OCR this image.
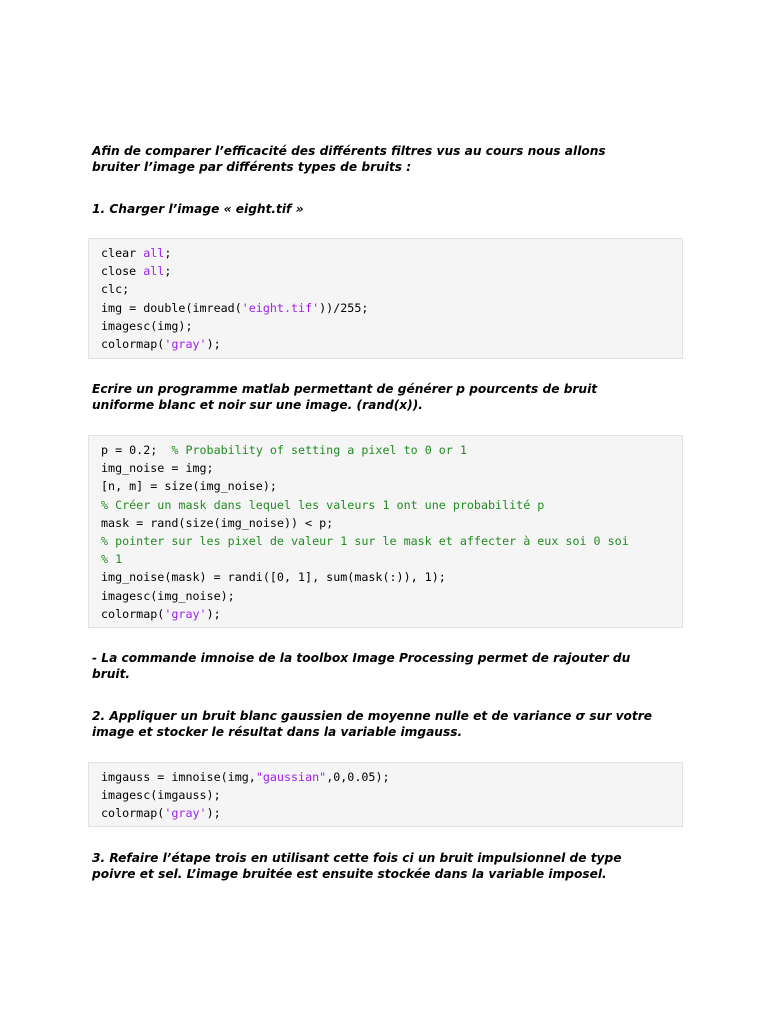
Afin de comparer l’efficacité des différents filtres vus au cours nous allons
bruiter l’image par différents types de bruits :
1. Charger l’image « eight.tif »
clear all;
close all;
clc;
img = double(imread('eight.tif'))/255;
imagesc(img);
colormap('gray');
Ecrire un programme matlab permettant de générer p pourcents de bruit
uniforme blanc et noir sur une image. (rand(x)).
p = 0.2;  % Probability of setting a pixel to 0 or 1
img_noise = img;
[n, m] = size(img_noise);
% Créer un mask dans lequel les valeurs 1 ont une probabilité p
mask = rand(size(img_noise)) < p;
% pointer sur les pixel de valeur 1 sur le mask et affecter à eux soi 0 soi
% 1
img_noise(mask) = randi([0, 1], sum(mask(:)), 1);
imagesc(img_noise);
colormap('gray');
- La commande imnoise de la toolbox Image Processing permet de rajouter du
bruit.
2. Appliquer un bruit blanc gaussien de moyenne nulle et de variance σ sur votre
image et stocker le résultat dans la variable imgauss.
imgauss = imnoise(img,"gaussian",0,0.05);
imagesc(imgauss);
colormap('gray');
3. Refaire l’étape trois en utilisant cette fois ci un bruit impulsionnel de type
poivre et sel. L’image bruitée est ensuite stockée dans la variable imposel.
